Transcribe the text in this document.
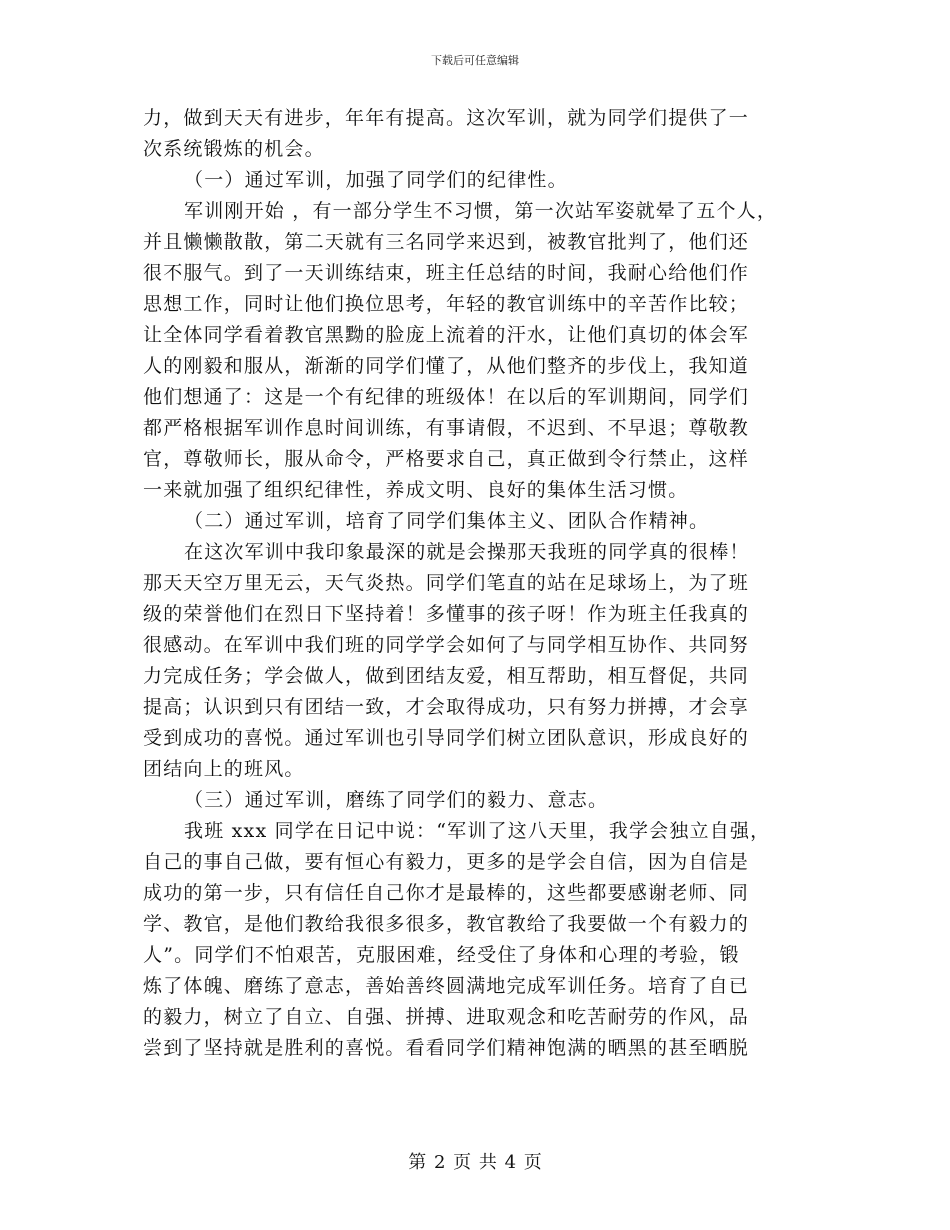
下载后可任意编辑
力，做到天天有进步，年年有提高。这次军训，就为同学们提供了一
次系统锻炼的机会。
（一）通过军训，加强了同学们的纪律性。
军训刚开始 ，有一部分学生不习惯，第一次站军姿就晕了五个人，
并且懒懒散散，第二天就有三名同学来迟到，被教官批判了，他们还
很不服气。到了一天训练结束，班主任总结的时间，我耐心给他们作
思想工作，同时让他们换位思考，年轻的教官训练中的辛苦作比较；
让全体同学看着教官黑黝的脸庞上流着的汗水，让他们真切的体会军
人的刚毅和服从，渐渐的同学们懂了，从他们整齐的步伐上，我知道
他们想通了：这是一个有纪律的班级体！在以后的军训期间，同学们
都严格根据军训作息时间训练，有事请假，不迟到、不早退；尊敬教
官，尊敬师长，服从命令，严格要求自己，真正做到令行禁止，这样
一来就加强了组织纪律性，养成文明、良好的集体生活习惯。
（二）通过军训，培育了同学们集体主义、团队合作精神。
在这次军训中我印象最深的就是会操那天我班的同学真的很棒！
那天天空万里无云，天气炎热。同学们笔直的站在足球场上，为了班
级的荣誉他们在烈日下坚持着！多懂事的孩子呀！作为班主任我真的
很感动。在军训中我们班的同学学会如何了与同学相互协作、共同努
力完成任务；学会做人，做到团结友爱，相互帮助，相互督促，共同
提高；认识到只有团结一致，才会取得成功，只有努力拼搏，才会享
受到成功的喜悦。通过军训也引导同学们树立团队意识，形成良好的
团结向上的班风。
（三）通过军训，磨练了同学们的毅力、意志。
我班 xxx 同学在日记中说：“军训了这八天里，我学会独立自强，
自己的事自己做，要有恒心有毅力，更多的是学会自信，因为自信是
成功的第一步，只有信任自己你才是最棒的，这些都要感谢老师、同
学、教官，是他们教给我很多很多，教官教给了我要做一个有毅力的
人”。同学们不怕艰苦，克服困难，经受住了身体和心理的考验，锻
炼了体魄、磨练了意志，善始善终圆满地完成军训任务。培育了自已
的毅力，树立了自立、自强、拼搏、进取观念和吃苦耐劳的作风，品
尝到了坚持就是胜利的喜悦。看看同学们精神饱满的晒黑的甚至晒脱
第 2 页 共 4 页
